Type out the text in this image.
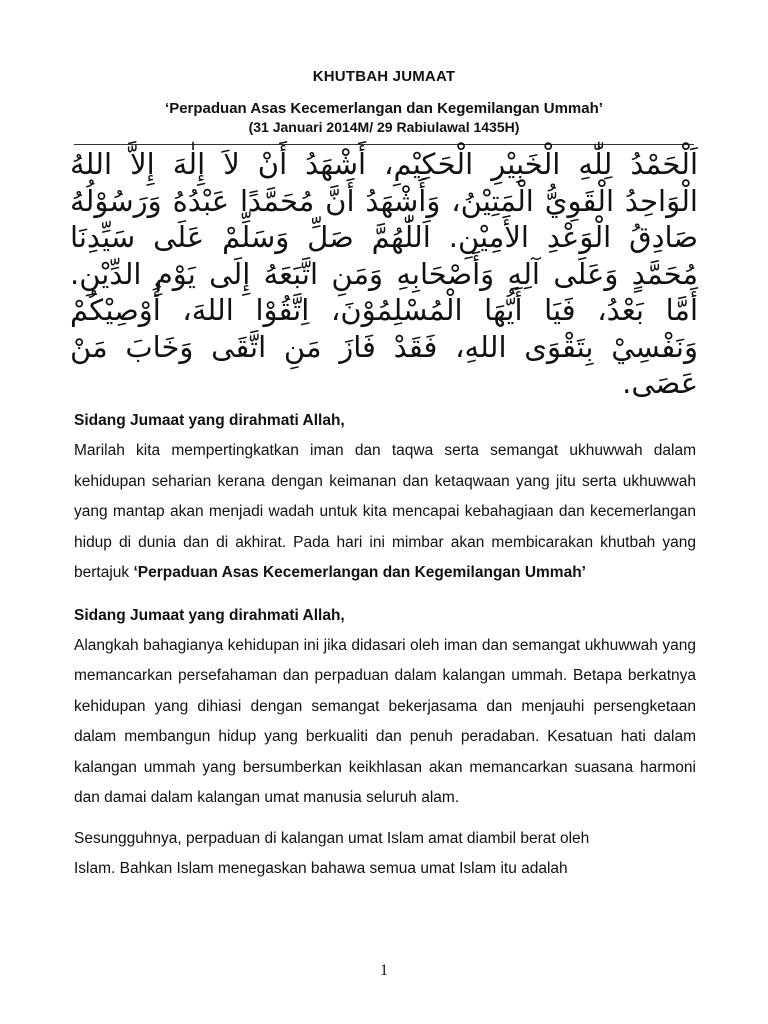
KHUTBAH JUMAAT
‘Perpaduan Asas Kecemerlangan dan Kegemilangan Ummah’
(31 Januari 2014M/ 29 Rabiulawal 1435H)
اَلْحَمْدُ لِلّٰهِ الْخَبِيْرِ الْحَكِيْمِ، أَشْهَدُ أَنْ لاَ إِلٰهَ إِلاَّ اللهُ الْوَاحِدُ الْقَوِيُّ الْمَتِيْنُ، وَأَشْهَدُ أَنَّ مُحَمَّدًا عَبْدُهُ وَرَسُوْلُهُ صَادِقُ الْوَعْدِ الأَمِيْنِ. اَللّٰهُمَّ صَلِّ وَسَلِّمْ عَلَى سَيِّدِنَا مُحَمَّدٍ وَعَلَى آلِهِ وَأَصْحَابِهِ وَمَنِ اتَّبَعَهُ إِلَى يَوْمِ الدِّيْنِ. أَمَّا بَعْدُ، فَيَا أَيُّهَا الْمُسْلِمُوْنَ، اِتَّقُوْا اللهَ، أُوْصِيْكُمْ وَنَفْسِيْ بِتَقْوَى اللهِ، فَقَدْ فَازَ مَنِ اتَّقَى وَخَابَ مَنْ عَصَى.

Sidang Jumaat yang dirahmati Allah,

Marilah kita mempertingkatkan iman dan taqwa serta semangat ukhuwwah dalam kehidupan seharian kerana dengan keimanan dan ketaqwaan yang jitu serta ukhuwwah yang mantap akan menjadi wadah untuk kita mencapai kebahagiaan dan kecemerlangan hidup di dunia dan di akhirat. Pada hari ini mimbar akan membicarakan khutbah yang bertajuk ‘Perpaduan Asas Kecemerlangan dan Kegemilangan Ummah’

Sidang Jumaat yang dirahmati Allah,

Alangkah bahagianya kehidupan ini jika didasari oleh iman dan semangat ukhuwwah yang memancarkan persefahaman dan perpaduan dalam kalangan ummah. Betapa berkatnya kehidupan yang dihiasi dengan semangat bekerjasama dan menjauhi persengketaan dalam membangun hidup yang berkualiti dan penuh peradaban. Kesatuan hati dalam kalangan ummah yang bersumberkan keikhlasan akan memancarkan suasana harmoni dan damai dalam kalangan umat manusia seluruh alam.

Sesungguhnya, perpaduan di kalangan umat Islam amat diambil berat oleh
Islam. Bahkan Islam menegaskan bahawa semua umat Islam itu adalah

1
